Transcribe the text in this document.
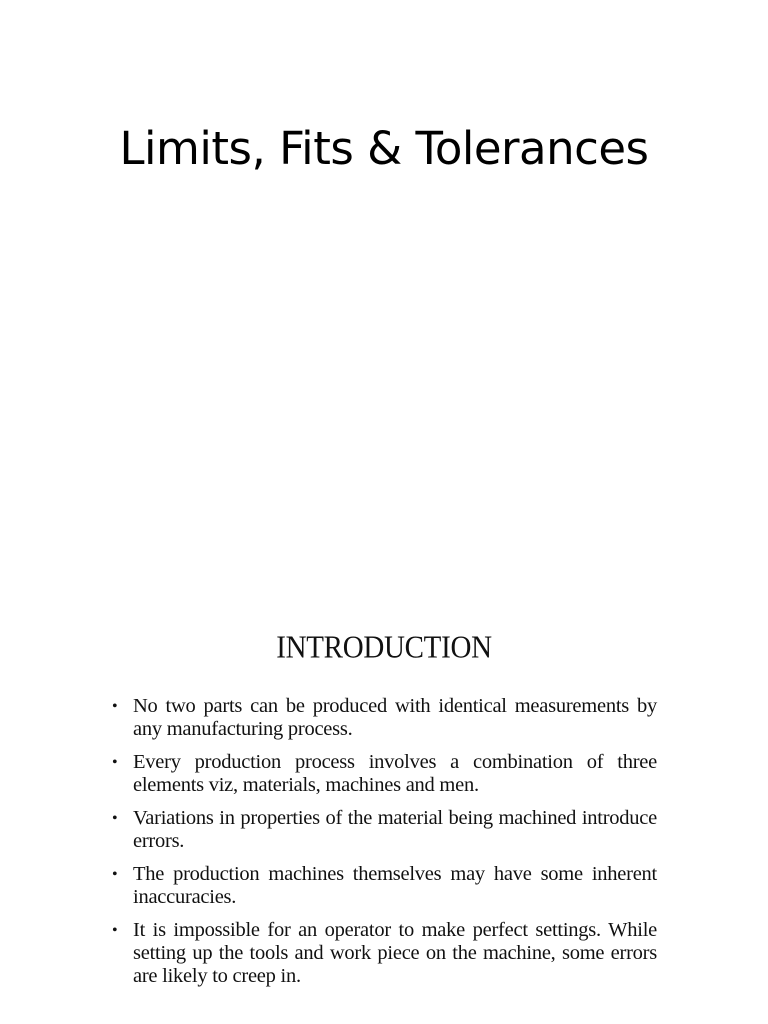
Limits, Fits & Tolerances
INTRODUCTION
• No two parts can be produced with identical measurements by any manufacturing process.
• Every production process involves a combination of three elements viz, materials, machines and men.
• Variations in properties of the material being machined introduce errors.
• The production machines themselves may have some inherent inaccuracies.
• It is impossible for an operator to make perfect settings. While setting up the tools and work piece on the machine, some errors are likely to creep in.
